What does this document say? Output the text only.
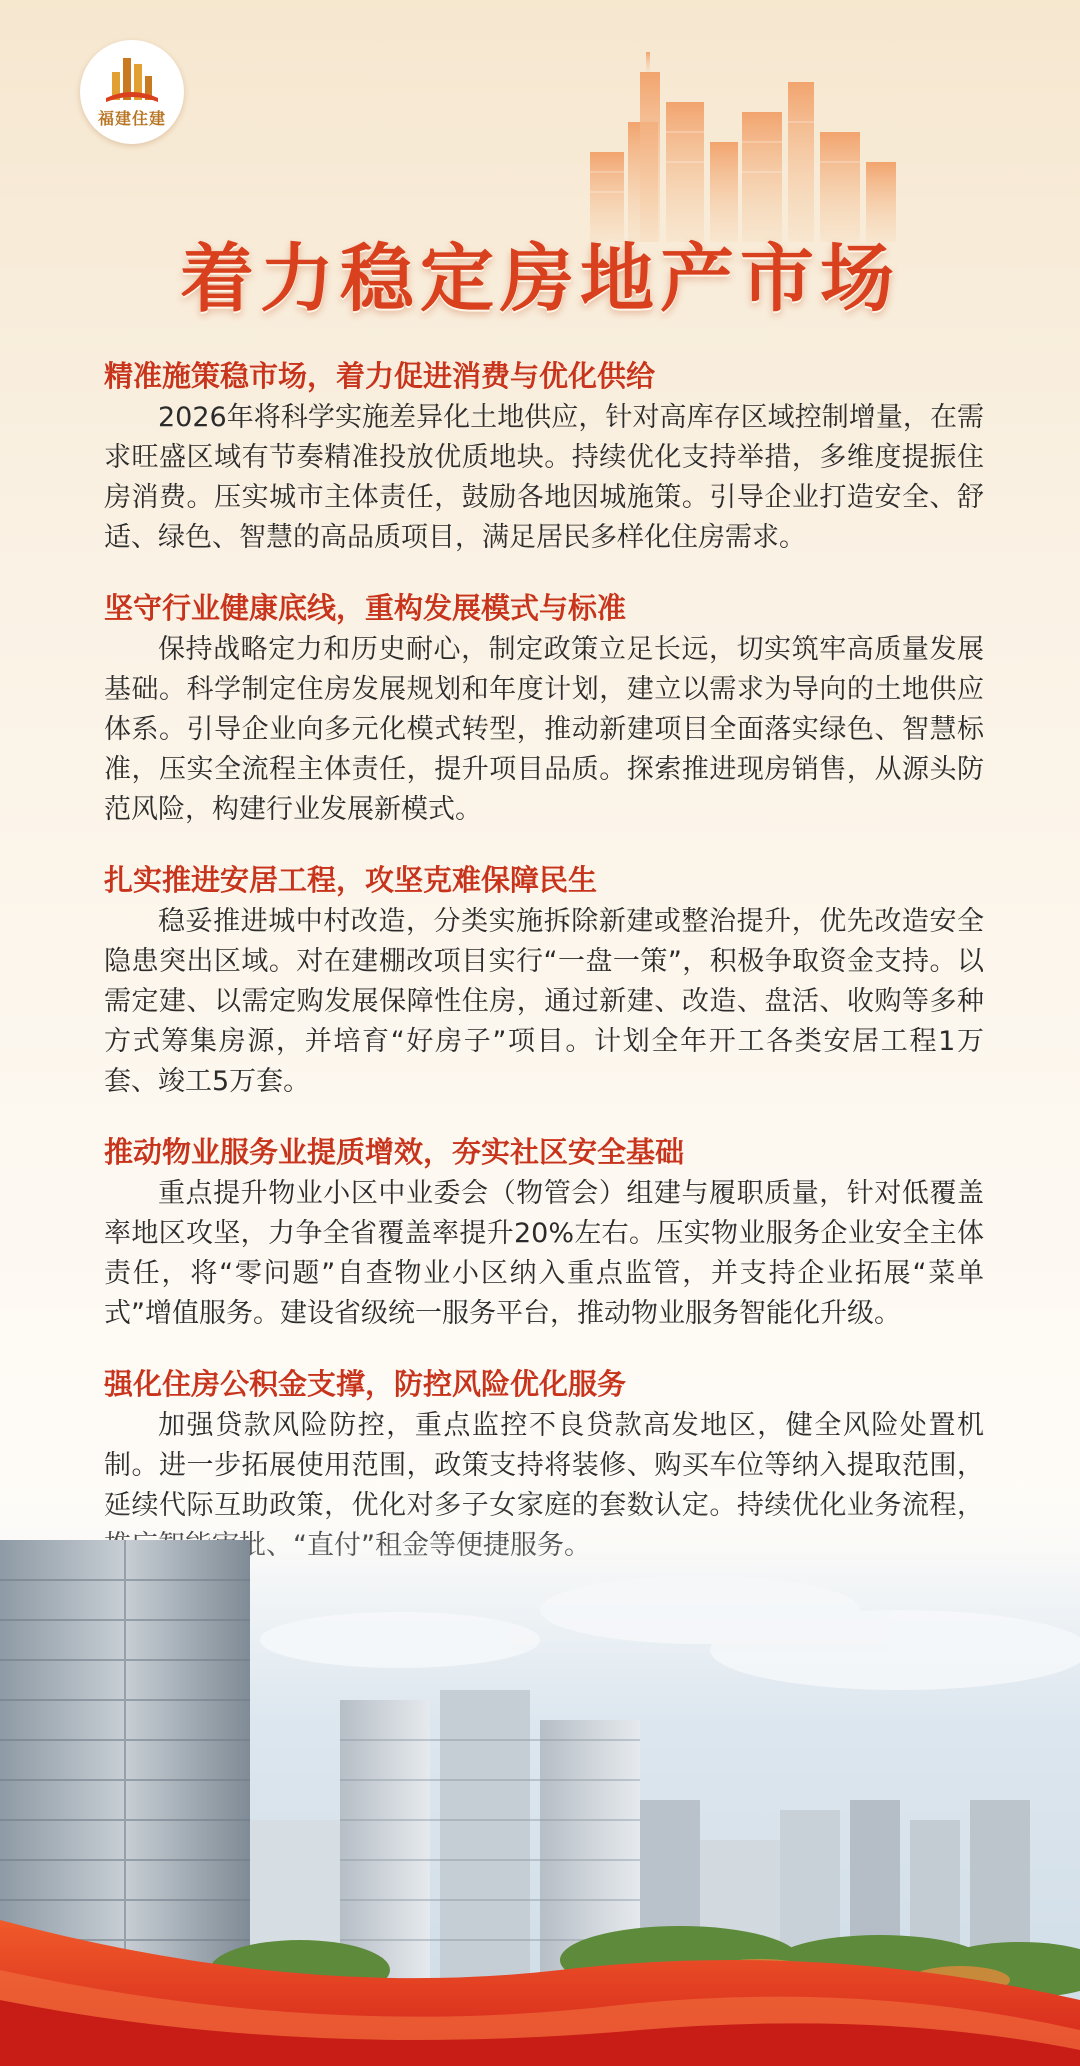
福建住建
着力稳定房地产市场
精准施策稳市场，着力促进消费与优化供给

2026年将科学实施差异化土地供应，针对高库存区域控制增量，在需求旺盛区域有节奏精准投放优质地块。持续优化支持举措，多维度提振住房消费。压实城市主体责任，鼓励各地因城施策。引导企业打造安全、舒适、绿色、智慧的高品质项目，满足居民多样化住房需求。

坚守行业健康底线，重构发展模式与标准

保持战略定力和历史耐心，制定政策立足长远，切实筑牢高质量发展基础。科学制定住房发展规划和年度计划，建立以需求为导向的土地供应体系。引导企业向多元化模式转型，推动新建项目全面落实绿色、智慧标准，压实全流程主体责任，提升项目品质。探索推进现房销售，从源头防范风险，构建行业发展新模式。

扎实推进安居工程，攻坚克难保障民生

稳妥推进城中村改造，分类实施拆除新建或整治提升，优先改造安全隐患突出区域。对在建棚改项目实行“一盘一策”，积极争取资金支持。以需定建、以需定购发展保障性住房，通过新建、改造、盘活、收购等多种方式筹集房源，并培育“好房子”项目。计划全年开工各类安居工程1万套、竣工5万套。

推动物业服务业提质增效，夯实社区安全基础

重点提升物业小区中业委会（物管会）组建与履职质量，针对低覆盖率地区攻坚，力争全省覆盖率提升20%左右。压实物业服务企业安全主体责任，将“零问题”自查物业小区纳入重点监管，并支持企业拓展“菜单式”增值服务。建设省级统一服务平台，推动物业服务智能化升级。

强化住房公积金支撑，防控风险优化服务

加强贷款风险防控，重点监控不良贷款高发地区，健全风险处置机制。进一步拓展使用范围，政策支持将装修、购买车位等纳入提取范围，
